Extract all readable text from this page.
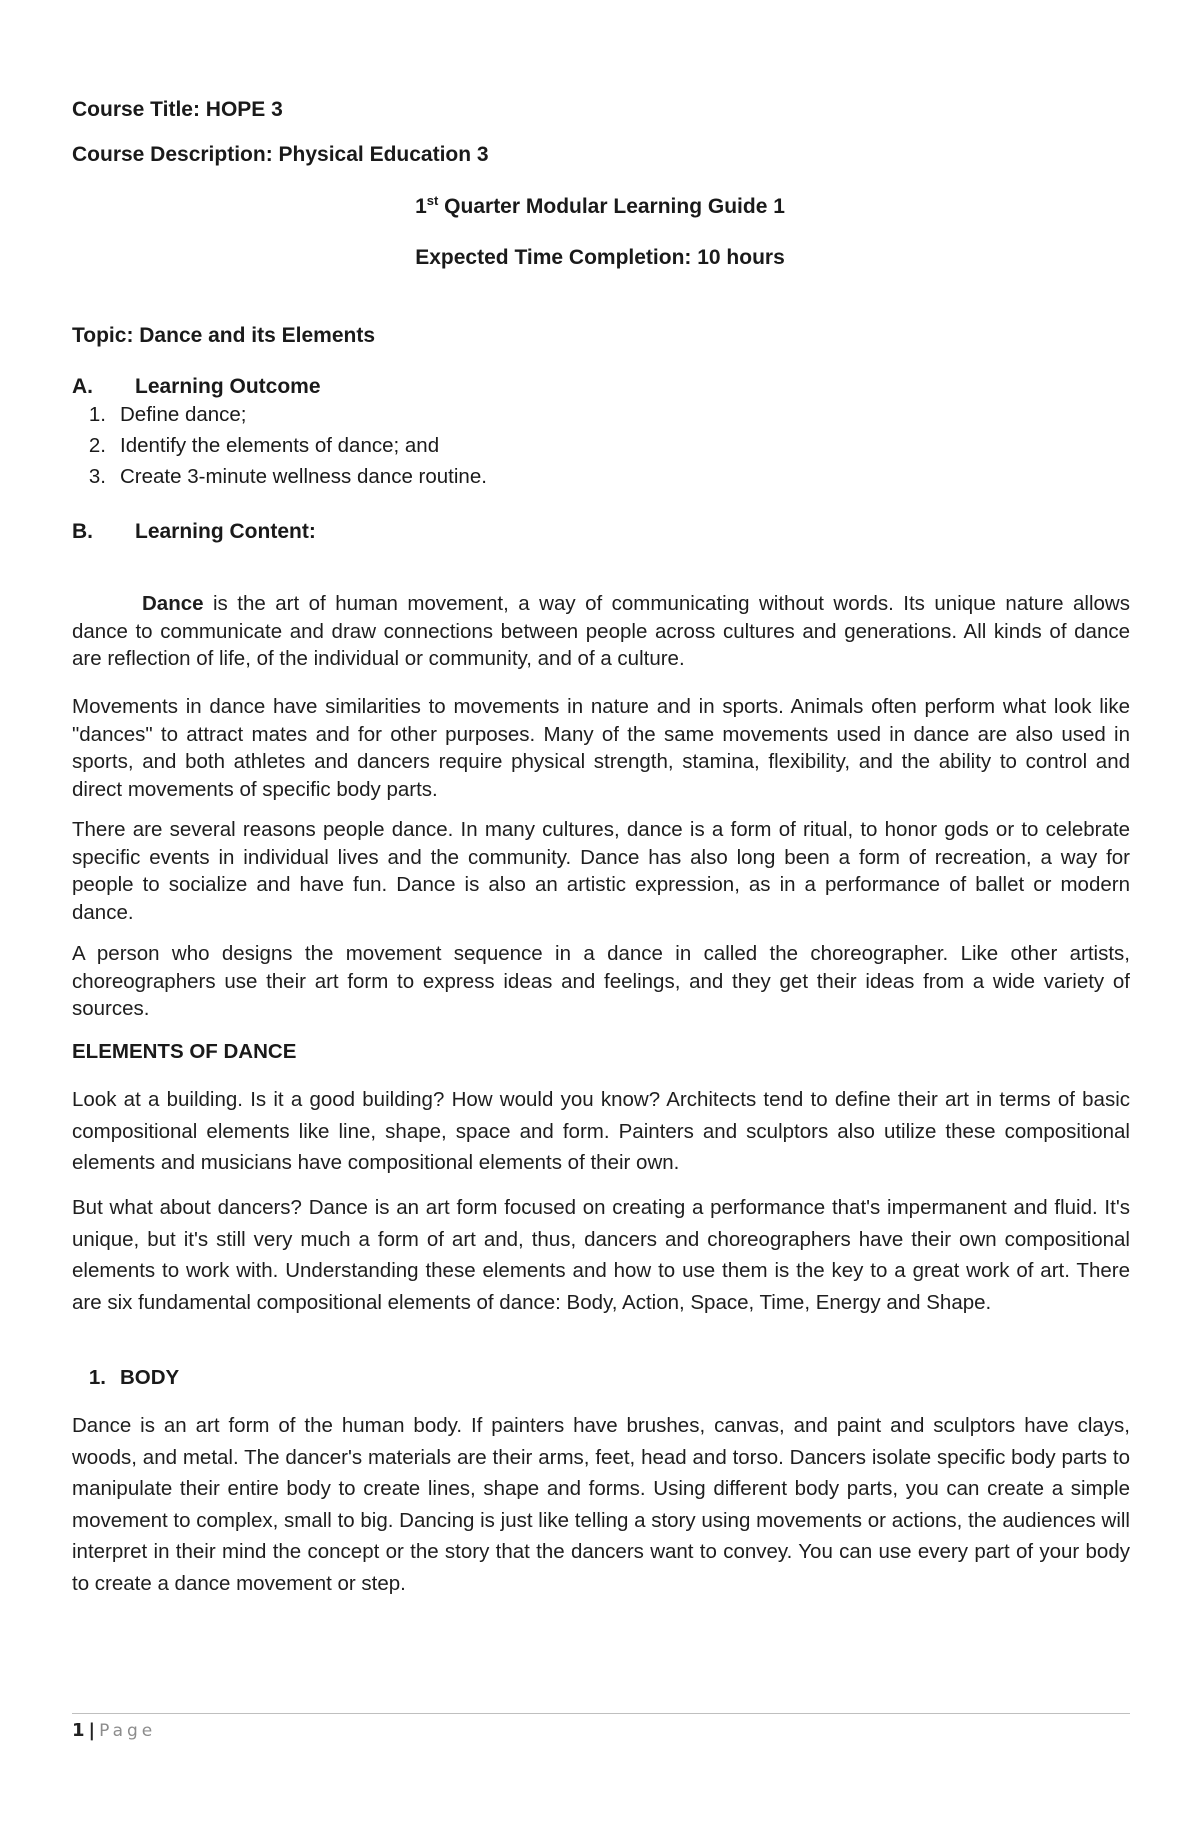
Course Title: HOPE 3

Course Description: Physical Education 3

1st Quarter Modular Learning Guide 1

Expected Time Completion: 10 hours

Topic: Dance and its Elements

A. Learning Outcome

1. Define dance;
2. Identify the elements of dance; and
3. Create 3-minute wellness dance routine.

B. Learning Content:

Dance is the art of human movement, a way of communicating without words. Its unique nature allows dance to communicate and draw connections between people across cultures and generations. All kinds of dance are reflection of life, of the individual or community, and of a culture.

Movements in dance have similarities to movements in nature and in sports. Animals often perform what look like "dances" to attract mates and for other purposes. Many of the same movements used in dance are also used in sports, and both athletes and dancers require physical strength, stamina, flexibility, and the ability to control and direct movements of specific body parts.

There are several reasons people dance. In many cultures, dance is a form of ritual, to honor gods or to celebrate specific events in individual lives and the community. Dance has also long been a form of recreation, a way for people to socialize and have fun. Dance is also an artistic expression, as in a performance of ballet or modern dance.

A person who designs the movement sequence in a dance in called the choreographer. Like other artists, choreographers use their art form to express ideas and feelings, and they get their ideas from a wide variety of sources.

ELEMENTS OF DANCE

Look at a building. Is it a good building? How would you know? Architects tend to define their art in terms of basic compositional elements like line, shape, space and form. Painters and sculptors also utilize these compositional elements and musicians have compositional elements of their own.

But what about dancers? Dance is an art form focused on creating a performance that's impermanent and fluid. It's unique, but it's still very much a form of art and, thus, dancers and choreographers have their own compositional elements to work with. Understanding these elements and how to use them is the key to a great work of art. There are six fundamental compositional elements of dance: Body, Action, Space, Time, Energy and Shape.

1. BODY

Dance is an art form of the human body. If painters have brushes, canvas, and paint and sculptors have clays, woods, and metal. The dancer's materials are their arms, feet, head and torso. Dancers isolate specific body parts to manipulate their entire body to create lines, shape and forms. Using different body parts, you can create a simple movement to complex, small to big. Dancing is just like telling a story using movements or actions, the audiences will interpret in their mind the concept or the story that the dancers want to convey. You can use every part of your body to create a dance movement or step.

1 | Page
